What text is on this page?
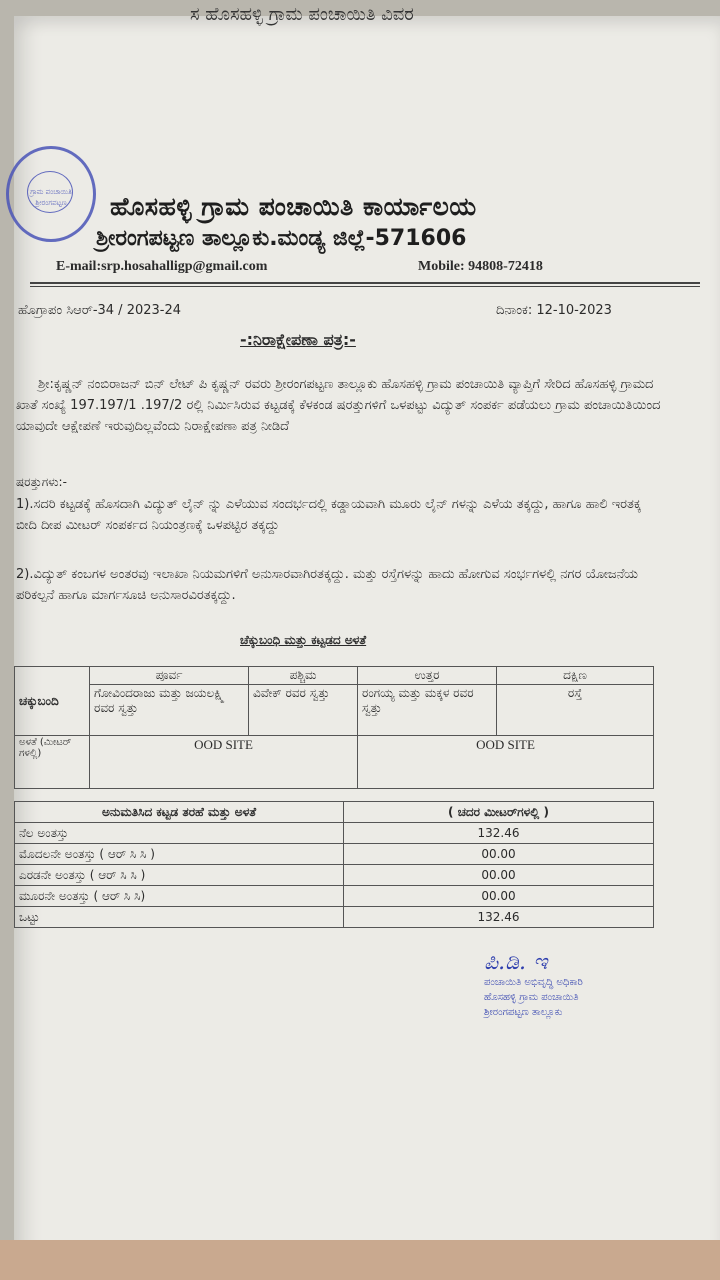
ಸ ಹೊಸಹಳ್ಳಿ ಗ್ರಾಮ ಪಂಚಾಯಿತಿ ವಿವರ
ಗ್ರಾಮ ಪಂಚಾಯಿತಿ ಶ್ರೀರಂಗಪಟ್ಟಣ	ಹೊಸಹಳ್ಳಿ ಗ್ರಾಮ ಪಂಚಾಯಿತಿ ಕಾರ್ಯಾಲಯ
ಶ್ರೀರಂಗಪಟ್ಟಣ ತಾಲ್ಲೂಕು.ಮಂಡ್ಯ ಜಿಲ್ಲೆ-571606
E-mail:srp.hosahalligp@gmail.com	Mobile: 94808-72418
ಹೊಗ್ರಾಪಂ ಸಿಆರ್-34 / 2023-24	ದಿನಾಂಕ: 12-10-2023
-:ನಿರಾಕ್ಷೇಪಣಾ ಪತ್ರ:-
ಶ್ರೀ:ಕೃಷ್ಣನ್ ನಂಬಿರಾಜನ್ ಬಿನ್ ಲೇಟ್ ಪಿ ಕೃಷ್ಣನ್ ರವರು ಶ್ರೀರಂಗಪಟ್ಟಣ ತಾಲ್ಲೂಕು ಹೊಸಹಳ್ಳಿ ಗ್ರಾಮ ಪಂಚಾಯಿತಿ ವ್ಯಾಪ್ತಿಗೆ ಸೇರಿದ ಹೊಸಹಳ್ಳಿ ಗ್ರಾಮದ ಖಾತೆ ಸಂಖ್ಯೆ 197.197/1 .197/2 ರಲ್ಲಿ ನಿರ್ಮಿಸಿರುವ ಕಟ್ಟಡಕ್ಕೆ ಕೆಳಕಂಡ ಷರತ್ತುಗಳಿಗೆ ಒಳಪಟ್ಟು ವಿದ್ಯುತ್ ಸಂಪರ್ಕ ಪಡೆಯಲು ಗ್ರಾಮ ಪಂಚಾಯಿತಿಯಿಂದ ಯಾವುದೇ ಆಕ್ಷೇಪಣೆ ಇರುವುದಿಲ್ಲವೆಂದು ನಿರಾಕ್ಷೇಪಣಾ ಪತ್ರ ನೀಡಿದೆ
ಷರತ್ತುಗಳು:-
1).ಸದರಿ ಕಟ್ಟಡಕ್ಕೆ ಹೊಸದಾಗಿ ವಿದ್ಯುತ್ ಲೈನ್ ನ್ನು ಎಳೆಯುವ ಸಂದರ್ಭದಲ್ಲಿ ಕಡ್ಡಾಯವಾಗಿ ಮೂರು ಲೈನ್ ಗಳನ್ನು ಎಳೆಯ ತಕ್ಕದ್ದು, ಹಾಗೂ ಹಾಲಿ ಇರತಕ್ಕ ಬೀದಿ ದೀಪ ಮೀಟರ್ ಸಂಪರ್ಕದ ನಿಯಂತ್ರಣಕ್ಕೆ ಒಳಪಟ್ಟಿರ ತಕ್ಕದ್ದು
2).ವಿದ್ಯುತ್ ಕಂಬಗಳ ಅಂತರವು ಇಲಾಖಾ ನಿಯಮಗಳಿಗೆ ಅನುಸಾರವಾಗಿರತಕ್ಕದ್ದು. ಮತ್ತು ರಸ್ತೆಗಳನ್ನು ಹಾದು ಹೋಗುವ ಸಂರ್ಭಗಳಲ್ಲಿ ನಗರ ಯೋಜನೆಯ ಪರಿಕಲ್ಪನೆ ಹಾಗೂ ಮಾರ್ಗಸೂಚಿ ಅನುಸಾರವಿರತಕ್ಕದ್ದು.
ಚೆಕ್ಕುಬಂಧಿ ಮತ್ತು ಕಟ್ಟಡದ ಅಳತೆ
ಚಕ್ಕುಬಂದಿ	ಪೂರ್ವ	ಪಶ್ಚಿಮ	ಉತ್ತರ	ದಕ್ಷಿಣ
	ಗೋವಿಂದರಾಜು ಮತ್ತು ಜಯಲಕ್ಷ್ಮಿ ರವರ ಸ್ವತ್ತು	ವಿವೇಕ್ ರವರ ಸ್ವತ್ತು	ರಂಗಯ್ಯ ಮತ್ತು ಮಕ್ಕಳ ರವರ ಸ್ವತ್ತು	ರಸ್ತೆ
ಅಳತೆ (ಮೀಟರ್ ಗಳಲ್ಲಿ)	OOD SITE		OOD SITE	
ಅನುಮತಿಸಿದ ಕಟ್ಟಡ ತರಹೆ ಮತ್ತು ಅಳತೆ	( ಚದರ ಮೀಟರ್‌ಗಳಲ್ಲಿ )
ನೆಲ ಅಂತಸ್ತು	132.46
ಮೊದಲನೇ ಅಂತಸ್ತು ( ಆರ್ ಸಿ ಸಿ )	00.00
ಎರಡನೇ ಅಂತಸ್ತು ( ಆರ್ ಸಿ ಸಿ )	00.00
ಮೂರನೇ ಅಂತಸ್ತು ( ಆರ್ ಸಿ ಸಿ)	00.00
ಒಟ್ಟು	132.46
ಪಿ.ಡಿ. ಇ
ಪಂಚಾಯಿತಿ ಅಭಿವೃದ್ಧಿ ಅಧಿಕಾರಿ
ಹೊಸಹಳ್ಳಿ ಗ್ರಾಮ ಪಂಚಾಯಿತಿ
ಶ್ರೀರಂಗಪಟ್ಟಣ ತಾಲ್ಲೂಕು
